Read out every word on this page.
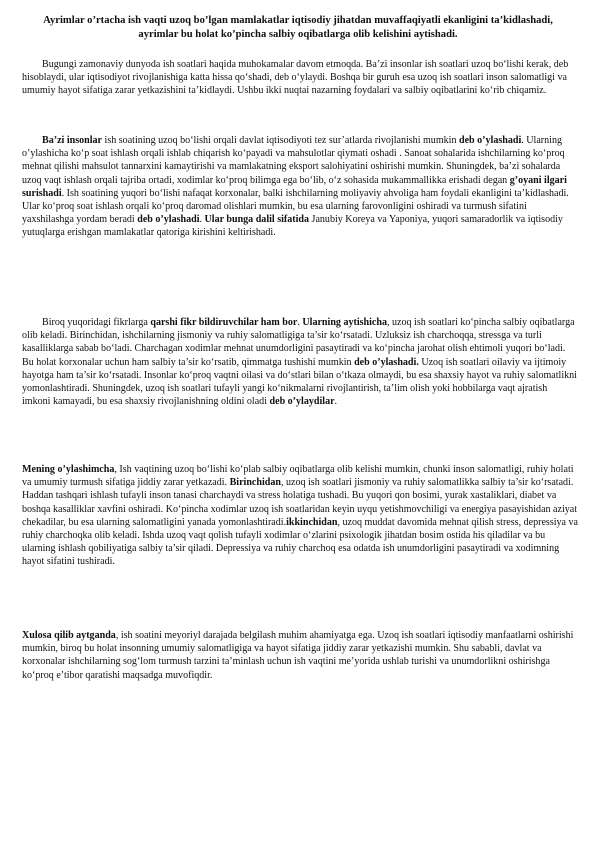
Ayrimlar o’rtacha ish vaqti uzoq bo’lgan mamlakatlar iqtisodiy jihatdan muvaffaqiyatli ekanligini ta’kidlashadi, ayrimlar bu holat ko’pincha salbiy oqibatlarga olib kelishini aytishadi.
Bugungi zamonaviy dunyoda ish soatlari haqida muhokamalar davom etmoqda. Ba’zi insonlar ish soatlari uzoq bo‘lishi kerak, deb hisoblaydi, ular iqtisodiyot rivojlanishiga katta hissa qo‘shadi, deb o‘ylaydi. Boshqa bir guruh esa uzoq ish soatlari inson salomatligi va umumiy hayot sifatiga zarar yetkazishini ta’kidlaydi. Ushbu ikki nuqtai nazarning foydalari va salbiy oqibatlarini ko‘rib chiqamiz.
Ba’zi insonlar ish soatining uzoq bo‘lishi orqali davlat iqtisodiyoti tez sur’atlarda rivojlanishi mumkin deb o’ylashadi. Ularning o’ylashicha ko‘p soat ishlash orqali ishlab chiqarish ko‘payadi va mahsulotlar qiymati oshadi . Sanoat sohalarida ishchilarning ko‘proq mehnat qilishi mahsulot tannarxini kamaytirishi va mamlakatning eksport salohiyatini oshirishi mumkin. Shuningdek, ba’zi sohalarda uzoq vaqt ishlash orqali tajriba ortadi, xodimlar ko‘proq bilimga ega bo‘lib, o‘z sohasida mukammallikka erishadi degan g’oyani ilgari surishadi. Ish soatining yuqori bo‘lishi nafaqat korxonalar, balki ishchilarning moliyaviy ahvoliga ham foydali ekanligini ta’kidlashadi. Ular ko‘proq soat ishlash orqali ko‘proq daromad olishlari mumkin, bu esa ularning farovonligini oshiradi va turmush sifatini yaxshilashga yordam beradi deb o’ylashadi. Ular bunga dalil sifatida Janubiy Koreya va Yaponiya, yuqori samaradorlik va iqtisodiy yutuqlarga erishgan mamlakatlar qatoriga kirishini keltirishadi.
Biroq yuqoridagi fikrlarga qarshi fikr bildiruvchilar ham bor. Ularning aytishicha, uzoq ish soatlari ko‘pincha salbiy oqibatlarga olib keladi. Birinchidan, ishchilarning jismoniy va ruhiy salomatligiga ta’sir ko‘rsatadi. Uzluksiz ish charchoqqa, stressga va turli kasalliklarga sabab bo‘ladi. Charchagan xodimlar mehnat unumdorligini pasaytiradi va ko‘pincha jarohat olish ehtimoli yuqori bo‘ladi. Bu holat korxonalar uchun ham salbiy ta’sir ko‘rsatib, qimmatga tushishi mumkin deb o’ylashadi. Uzoq ish soatlari oilaviy va ijtimoiy hayotga ham ta’sir ko‘rsatadi. Insonlar ko‘proq vaqtni oilasi va do‘stlari bilan o‘tkaza olmaydi, bu esa shaxsiy hayot va ruhiy salomatlikni yomonlashtiradi. Shuningdek, uzoq ish soatlari tufayli yangi ko‘nikmalarni rivojlantirish, ta’lim olish yoki hobbilarga vaqt ajratish imkoni kamayadi, bu esa shaxsiy rivojlanishning oldini oladi deb o’ylaydilar.
Mening o’ylashimcha, Ish vaqtining uzoq bo‘lishi ko‘plab salbiy oqibatlarga olib kelishi mumkin, chunki inson salomatligi, ruhiy holati va umumiy turmush sifatiga jiddiy zarar yetkazadi. Birinchidan, uzoq ish soatlari jismoniy va ruhiy salomatlikka salbiy ta’sir ko‘rsatadi. Haddan tashqari ishlash tufayli inson tanasi charchaydi va stress holatiga tushadi. Bu yuqori qon bosimi, yurak xastaliklari, diabet va boshqa kasalliklar xavfini oshiradi. Ko‘pincha xodimlar uzoq ish soatlaridan keyin uyqu yetishmovchiligi va energiya pasayishidan aziyat chekadilar, bu esa ularning salomatligini yanada yomonlashtiradi.ikkinchidan, uzoq muddat davomida mehnat qilish stress, depressiya va ruhiy charchoqka olib keladi. Ishda uzoq vaqt qolish tufayli xodimlar o‘zlarini psixologik jihatdan bosim ostida his qiladilar va bu ularning ishlash qobiliyatiga salbiy ta’sir qiladi. Depressiya va ruhiy charchoq esa odatda ish unumdorligini pasaytiradi va xodimning hayot sifatini tushiradi.
Xulosa qilib aytganda, ish soatini meyoriyl darajada belgilash muhim ahamiyatga ega. Uzoq ish soatlari iqtisodiy manfaatlarni oshirishi mumkin, biroq bu holat insonning umumiy salomatligiga va hayot sifatiga jiddiy zarar yetkazishi mumkin. Shu sababli, davlat va korxonalar ishchilarning sog‘lom turmush tarzini ta’minlash uchun ish vaqtini me’yorida ushlab turishi va unumdorlikni oshirishga ko‘proq e’tibor qaratishi maqsadga muvofiqdir.
